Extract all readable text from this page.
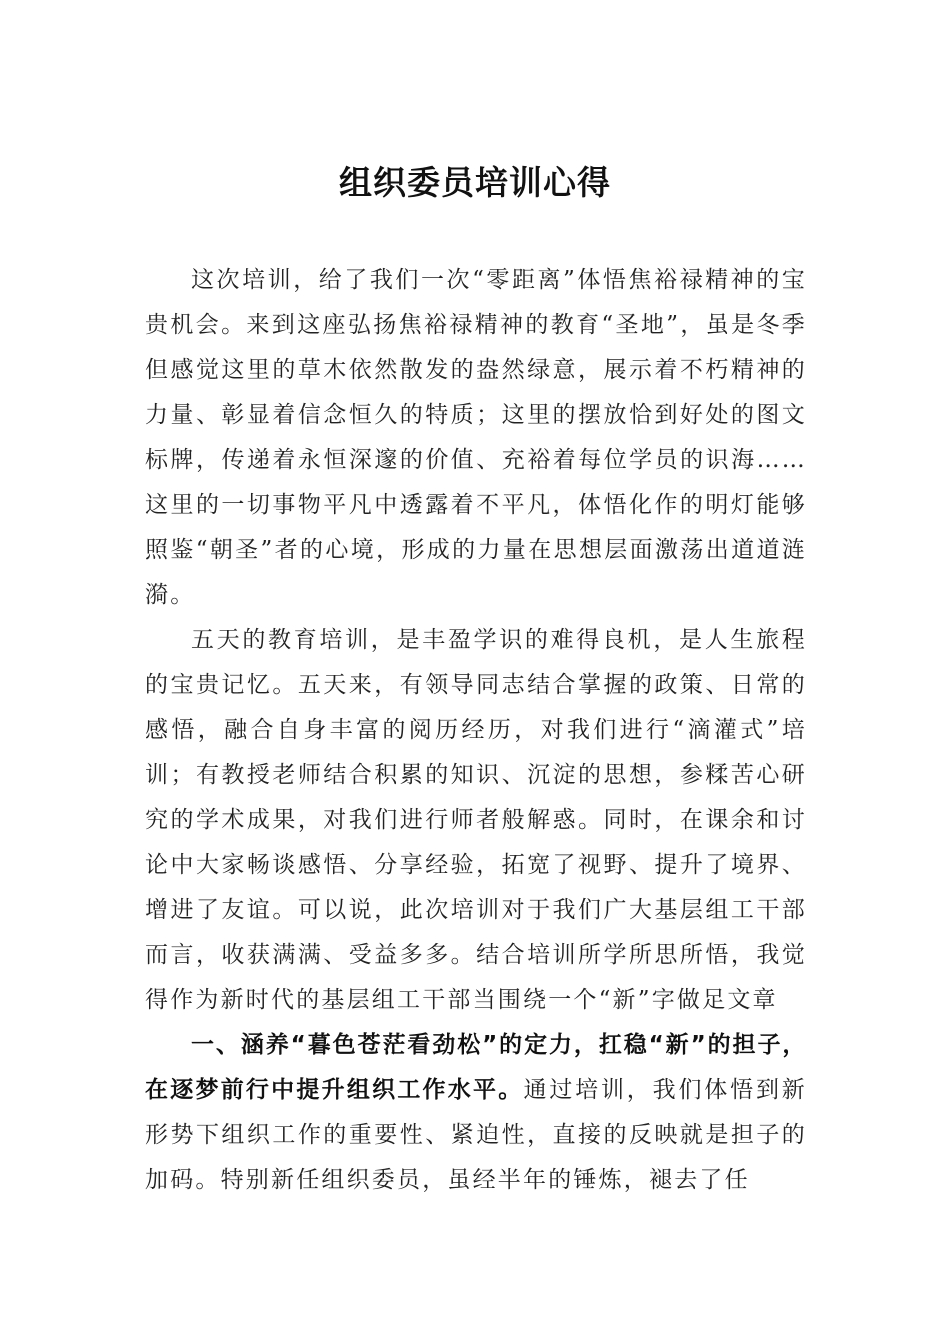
组织委员培训心得

这次培训，给了我们一次“零距离”体悟焦裕禄精神的宝贵机会。来到这座弘扬焦裕禄精神的教育“圣地”，虽是冬季但感觉这里的草木依然散发的盎然绿意，展示着不朽精神的力量、彰显着信念恒久的特质；这里的摆放恰到好处的图文标牌，传递着永恒深邃的价值、充裕着每位学员的识海……这里的一切事物平凡中透露着不平凡，体悟化作的明灯能够照鉴“朝圣”者的心境，形成的力量在思想层面激荡出道道涟漪。

五天的教育培训，是丰盈学识的难得良机，是人生旅程的宝贵记忆。五天来，有领导同志结合掌握的政策、日常的感悟，融合自身丰富的阅历经历，对我们进行“滴灌式”培训；有教授老师结合积累的知识、沉淀的思想，参糅苦心研究的学术成果，对我们进行师者般解惑。同时，在课余和讨论中大家畅谈感悟、分享经验，拓宽了视野、提升了境界、增进了友谊。可以说，此次培训对于我们广大基层组工干部而言，收获满满、受益多多。结合培训所学所思所悟，我觉得作为新时代的基层组工干部当围绕一个“新”字做足文章

一、涵养“暮色苍茫看劲松”的定力，扛稳“新”的担子，在逐梦前行中提升组织工作水平。通过培训，我们体悟到新形势下组织工作的重要性、紧迫性，直接的反映就是担子的加码。特别新任组织委员，虽经半年的锤炼，褪去了任
